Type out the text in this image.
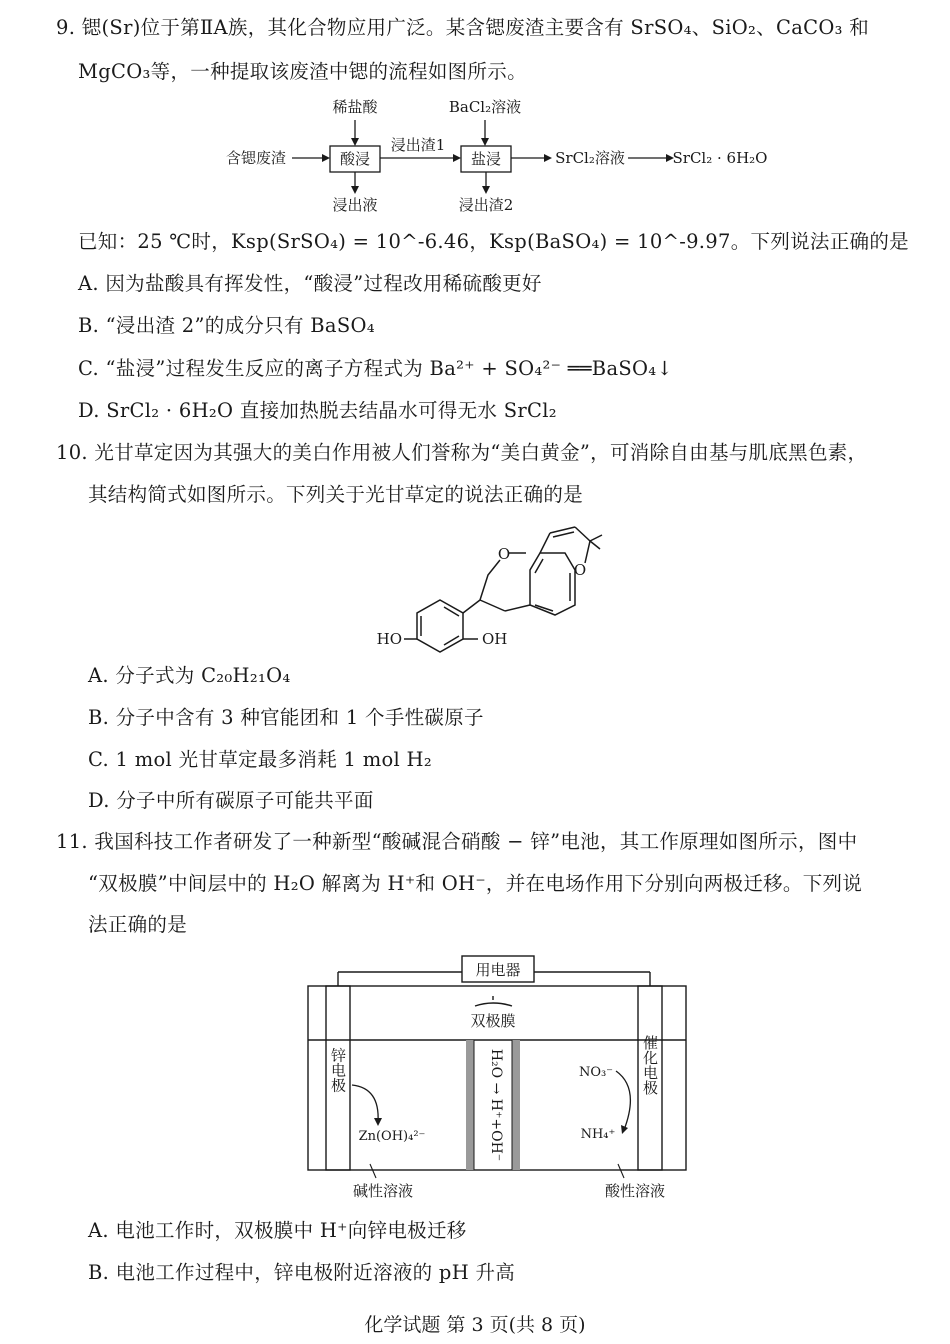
9. 锶(Sr)位于第ⅡA族，其化合物应用广泛。某含锶废渣主要含有 SrSO₄、SiO₂、CaCO₃ 和
MgCO₃等，一种提取该废渣中锶的流程如图所示。
稀盐酸	BaCl₂溶液
含锶废渣	酸浸
浸出渣1
盐浸	SrCl₂溶液	SrCl₂ · 6H₂O
浸出液	浸出渣2
已知：25 ℃时，Ksp(SrSO₄) = 10^-6.46，Ksp(BaSO₄) = 10^-9.97。下列说法正确的是
A. 因为盐酸具有挥发性，“酸浸”过程改用稀硫酸更好
B. “浸出渣 2”的成分只有 BaSO₄
C. “盐浸”过程发生反应的离子方程式为 Ba²⁺ + SO₄²⁻ ══BaSO₄↓
D. SrCl₂ · 6H₂O 直接加热脱去结晶水可得无水 SrCl₂
10. 光甘草定因为其强大的美白作用被人们誉称为“美白黄金”，可消除自由基与肌底黑色素，
其结构简式如图所示。下列关于光甘草定的说法正确的是
O
O
HO	OH
A. 分子式为 C₂₀H₂₁O₄
B. 分子中含有 3 种官能团和 1 个手性碳原子
C. 1 mol 光甘草定最多消耗 1 mol H₂
D. 分子中所有碳原子可能共平面
11. 我国科技工作者研发了一种新型“酸碱混合硝酸 − 锌”电池，其工作原理如图所示，图中
“双极膜”中间层中的 H₂O 解离为 H⁺和 OH⁻，并在电场作用下分别向两极迁移。下列说
法正确的是
用电器
双极膜
H₂O → H⁺+OH⁻
锌电极	催化电极
Zn(OH)₄²⁻
NO₃⁻
NH₄⁺
碱性溶液	酸性溶液
A. 电池工作时，双极膜中 H⁺向锌电极迁移
B. 电池工作过程中，锌电极附近溶液的 pH 升高
化学试题 第 3 页(共 8 页)
